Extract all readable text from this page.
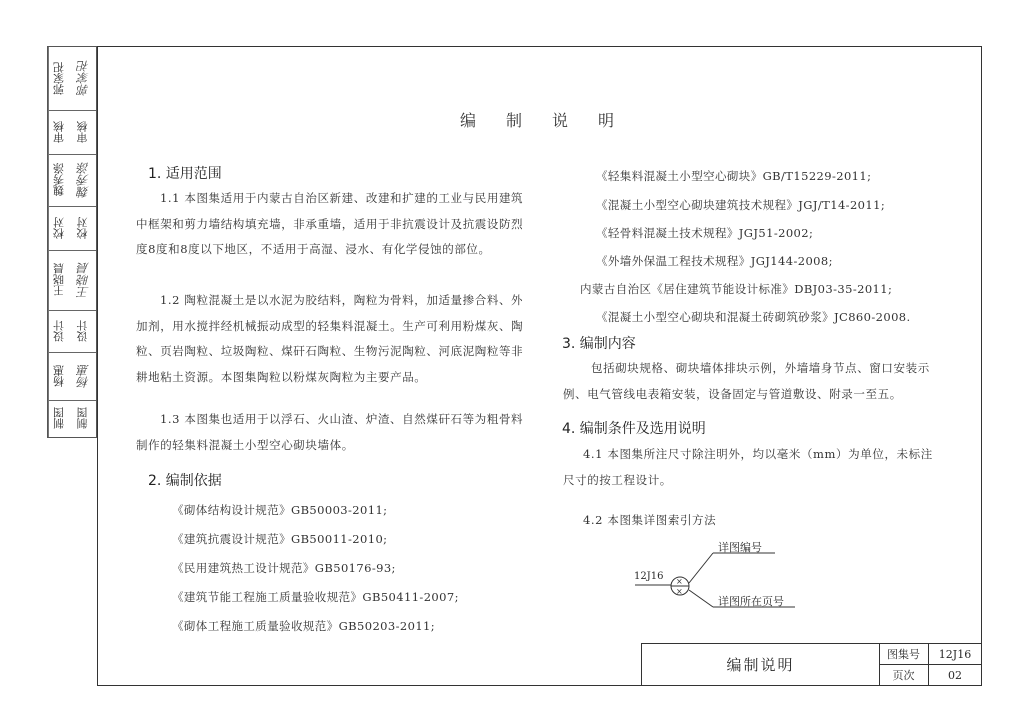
郭家祀 郭家祀
审核 审核
魏秀涤 魏秀涤
校对 校对
王晓晨 王晓晨
设计 设计
杨惠 杨惠
制图 制图
编制说明
1. 适用范围
1.1 本图集适用于内蒙古自治区新建、改建和扩建的工业与民用建筑中框架和剪力墙结构填充墙，非承重墙，适用于非抗震设计及抗震设防烈度8度和8度以下地区，不适用于高湿、浸水、有化学侵蚀的部位。
1.2 陶粒混凝土是以水泥为胶结料，陶粒为骨料，加适量掺合料、外加剂，用水搅拌经机械振动成型的轻集料混凝土。生产可利用粉煤灰、陶粒、页岩陶粒、垃圾陶粒、煤矸石陶粒、生物污泥陶粒、河底泥陶粒等非耕地粘土资源。本图集陶粒以粉煤灰陶粒为主要产品。
1.3 本图集也适用于以浮石、火山渣、炉渣、自然煤矸石等为粗骨料制作的轻集料混凝土小型空心砌块墙体。
2. 编制依据
《砌体结构设计规范》GB50003-2011;
《建筑抗震设计规范》GB50011-2010;
《民用建筑热工设计规范》GB50176-93;
《建筑节能工程施工质量验收规范》GB50411-2007;
《砌体工程施工质量验收规范》GB50203-2011;
《轻集料混凝土小型空心砌块》GB/T15229-2011;
《混凝土小型空心砌块建筑技术规程》JGJ/T14-2011;
《轻骨料混凝土技术规程》JGJ51-2002;
《外墙外保温工程技术规程》JGJ144-2008;
内蒙古自治区《居住建筑节能设计标准》DBJ03-35-2011;
《混凝土小型空心砌块和混凝土砖砌筑砂浆》JC860-2008.
3. 编制内容
包括砌块规格、砌块墙体排块示例，外墙墙身节点、窗口安装示例、电气管线电表箱安装，设备固定与管道敷设、附录一至五。
4. 编制条件及选用说明
4.1 本图集所注尺寸除注明外，均以毫米（mm）为单位，未标注尺寸的按工程设计。
4.2 本图集详图索引方法
×
×
12J16
详图编号
详图所在页号
编制说明
图集号	12J16
页次	02
